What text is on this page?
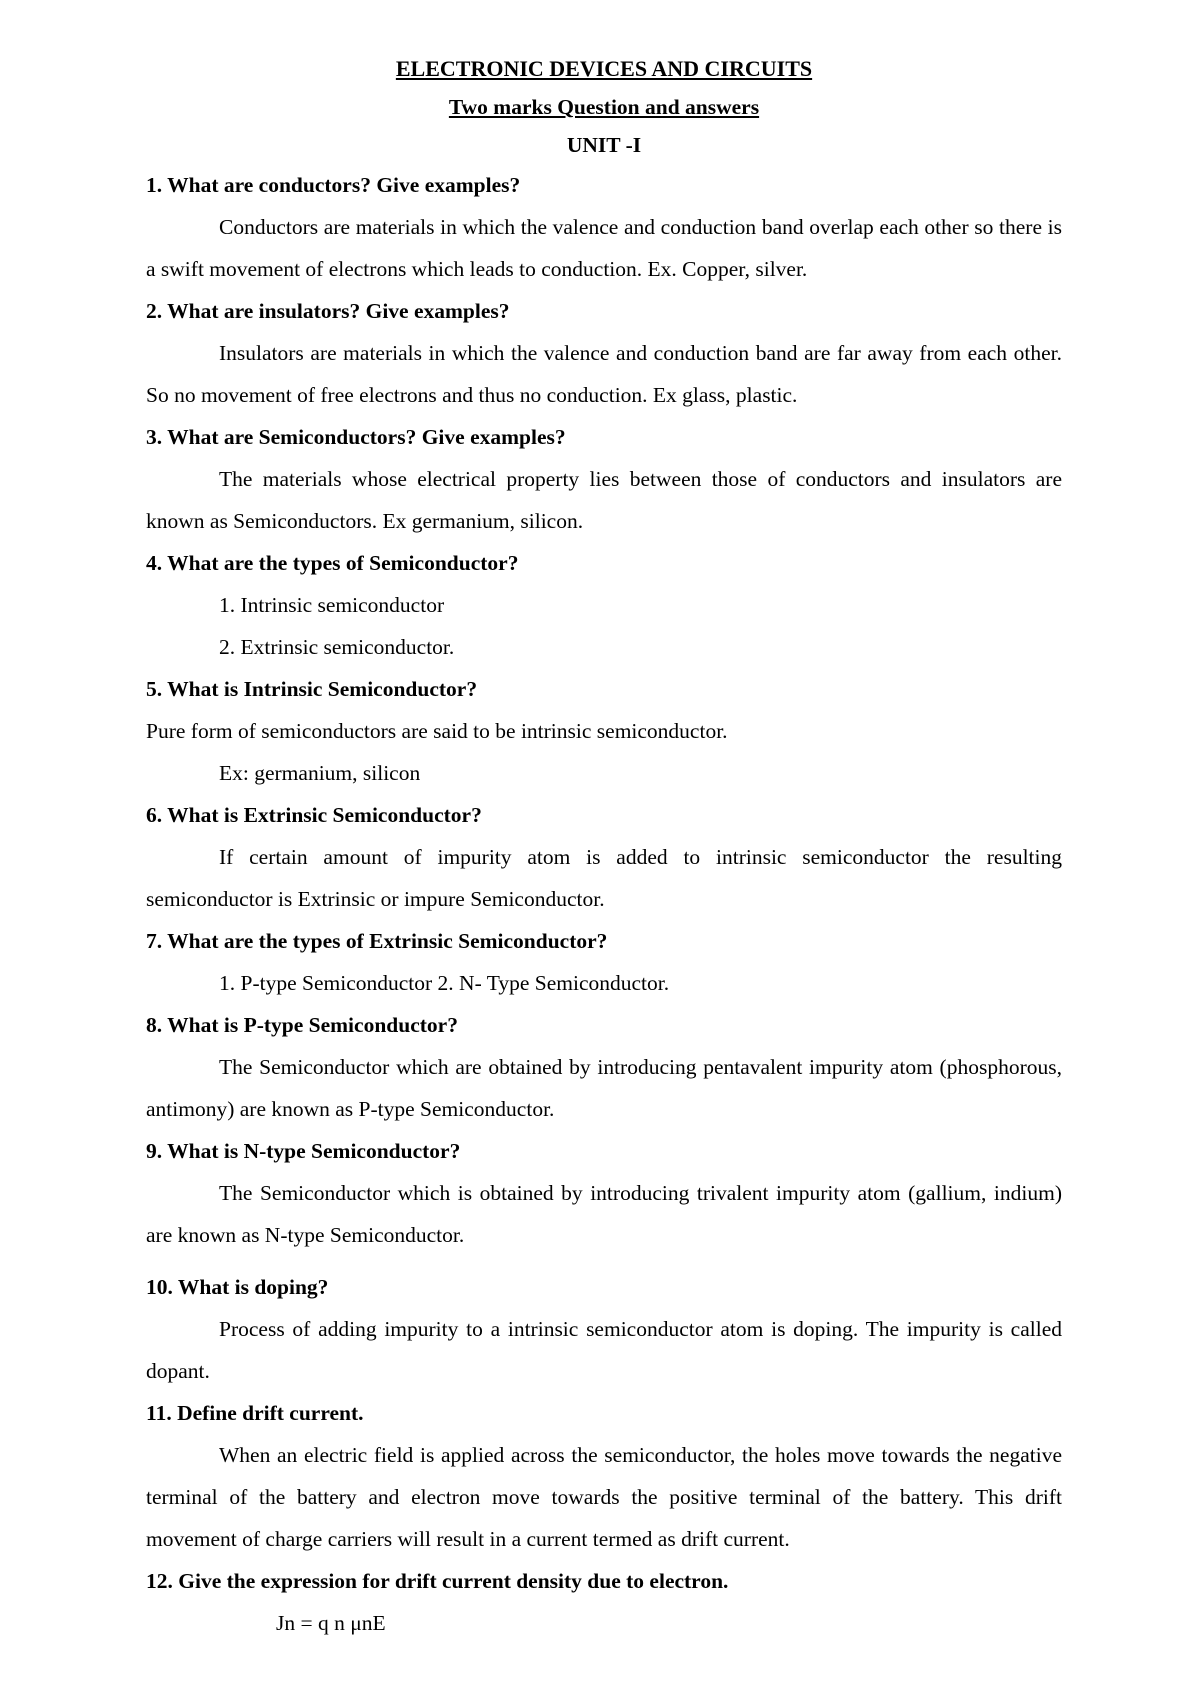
ELECTRONIC DEVICES AND CIRCUITS
Two marks Question and answers
UNIT -I
1. What are conductors? Give examples?

Conductors are materials in which the valence and conduction band overlap each other so there is a swift movement of electrons which leads to conduction. Ex. Copper, silver.

2. What are insulators? Give examples?

Insulators are materials in which the valence and conduction band are far away from each other. So no movement of free electrons and thus no conduction. Ex glass, plastic.

3. What are Semiconductors? Give examples?

The materials whose electrical property lies between those of conductors and insulators are known as Semiconductors. Ex germanium, silicon.

4. What are the types of Semiconductor?
1. Intrinsic semiconductor
2. Extrinsic semiconductor.
5. What is Intrinsic Semiconductor?

Pure form of semiconductors are said to be intrinsic semiconductor.

Ex: germanium, silicon
6. What is Extrinsic Semiconductor?

If certain amount of impurity atom is added to intrinsic semiconductor the resulting semiconductor is Extrinsic or impure Semiconductor.

7. What are the types of Extrinsic Semiconductor?
1. P-type Semiconductor 2. N- Type Semiconductor.
8. What is P-type Semiconductor?

The Semiconductor which are obtained by introducing pentavalent impurity atom (phosphorous, antimony) are known as P-type Semiconductor.

9. What is N-type Semiconductor?

The Semiconductor which is obtained by introducing trivalent impurity atom (gallium, indium) are known as N-type Semiconductor.

10. What is doping?

Process of adding impurity to a intrinsic semiconductor atom is doping. The impurity is called dopant.

11. Define drift current.

When an electric field is applied across the semiconductor, the holes move towards the negative terminal of the battery and electron move towards the positive terminal of the battery. This drift movement of charge carriers will result in a current termed as drift current.

12. Give the expression for drift current density due to electron.
Jn = q n μnE
